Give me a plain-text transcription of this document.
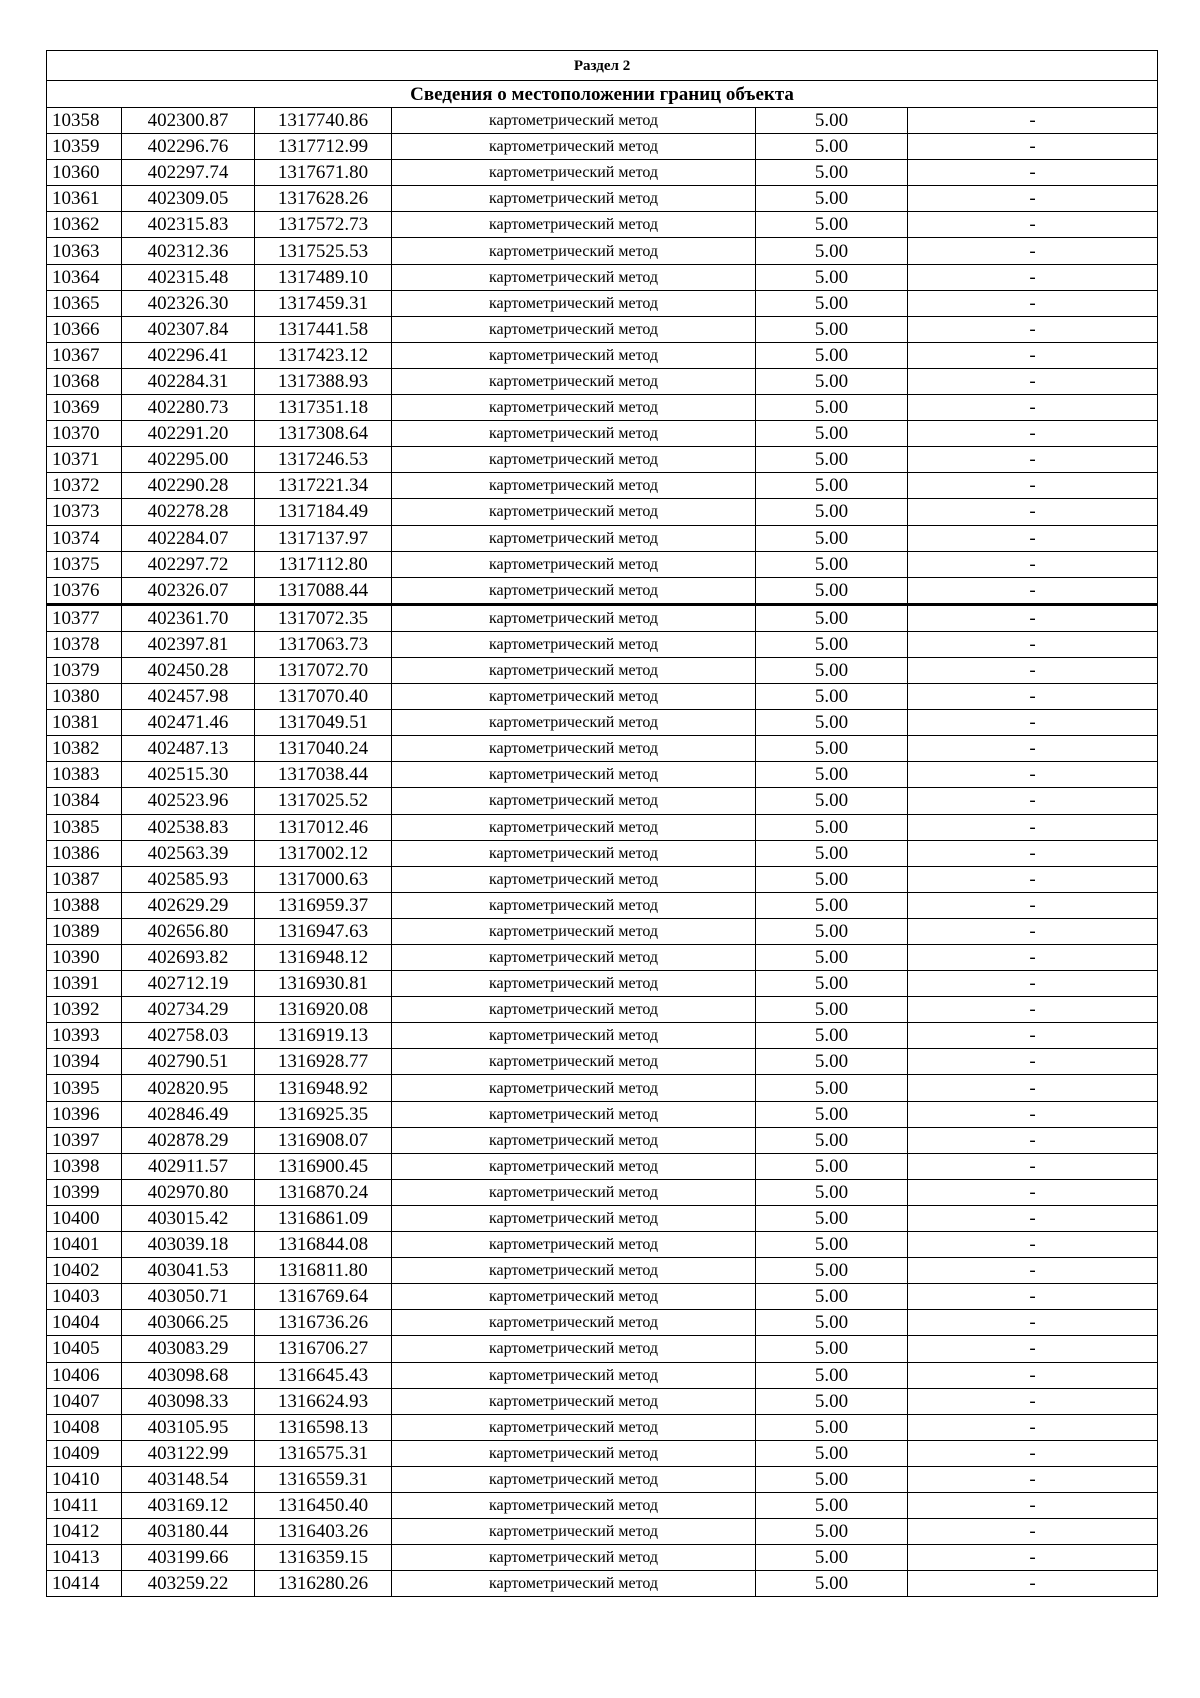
Раздел 2					
Сведения о местоположении границ объекта					
10358	402300.87	1317740.86	картометрический метод	5.00	-
10359	402296.76	1317712.99	картометрический метод	5.00	-
10360	402297.74	1317671.80	картометрический метод	5.00	-
10361	402309.05	1317628.26	картометрический метод	5.00	-
10362	402315.83	1317572.73	картометрический метод	5.00	-
10363	402312.36	1317525.53	картометрический метод	5.00	-
10364	402315.48	1317489.10	картометрический метод	5.00	-
10365	402326.30	1317459.31	картометрический метод	5.00	-
10366	402307.84	1317441.58	картометрический метод	5.00	-
10367	402296.41	1317423.12	картометрический метод	5.00	-
10368	402284.31	1317388.93	картометрический метод	5.00	-
10369	402280.73	1317351.18	картометрический метод	5.00	-
10370	402291.20	1317308.64	картометрический метод	5.00	-
10371	402295.00	1317246.53	картометрический метод	5.00	-
10372	402290.28	1317221.34	картометрический метод	5.00	-
10373	402278.28	1317184.49	картометрический метод	5.00	-
10374	402284.07	1317137.97	картометрический метод	5.00	-
10375	402297.72	1317112.80	картометрический метод	5.00	-
10376	402326.07	1317088.44	картометрический метод	5.00	-
10377	402361.70	1317072.35	картометрический метод	5.00	-
10378	402397.81	1317063.73	картометрический метод	5.00	-
10379	402450.28	1317072.70	картометрический метод	5.00	-
10380	402457.98	1317070.40	картометрический метод	5.00	-
10381	402471.46	1317049.51	картометрический метод	5.00	-
10382	402487.13	1317040.24	картометрический метод	5.00	-
10383	402515.30	1317038.44	картометрический метод	5.00	-
10384	402523.96	1317025.52	картометрический метод	5.00	-
10385	402538.83	1317012.46	картометрический метод	5.00	-
10386	402563.39	1317002.12	картометрический метод	5.00	-
10387	402585.93	1317000.63	картометрический метод	5.00	-
10388	402629.29	1316959.37	картометрический метод	5.00	-
10389	402656.80	1316947.63	картометрический метод	5.00	-
10390	402693.82	1316948.12	картометрический метод	5.00	-
10391	402712.19	1316930.81	картометрический метод	5.00	-
10392	402734.29	1316920.08	картометрический метод	5.00	-
10393	402758.03	1316919.13	картометрический метод	5.00	-
10394	402790.51	1316928.77	картометрический метод	5.00	-
10395	402820.95	1316948.92	картометрический метод	5.00	-
10396	402846.49	1316925.35	картометрический метод	5.00	-
10397	402878.29	1316908.07	картометрический метод	5.00	-
10398	402911.57	1316900.45	картометрический метод	5.00	-
10399	402970.80	1316870.24	картометрический метод	5.00	-
10400	403015.42	1316861.09	картометрический метод	5.00	-
10401	403039.18	1316844.08	картометрический метод	5.00	-
10402	403041.53	1316811.80	картометрический метод	5.00	-
10403	403050.71	1316769.64	картометрический метод	5.00	-
10404	403066.25	1316736.26	картометрический метод	5.00	-
10405	403083.29	1316706.27	картометрический метод	5.00	-
10406	403098.68	1316645.43	картометрический метод	5.00	-
10407	403098.33	1316624.93	картометрический метод	5.00	-
10408	403105.95	1316598.13	картометрический метод	5.00	-
10409	403122.99	1316575.31	картометрический метод	5.00	-
10410	403148.54	1316559.31	картометрический метод	5.00	-
10411	403169.12	1316450.40	картометрический метод	5.00	-
10412	403180.44	1316403.26	картометрический метод	5.00	-
10413	403199.66	1316359.15	картометрический метод	5.00	-
10414	403259.22	1316280.26	картометрический метод	5.00	-
